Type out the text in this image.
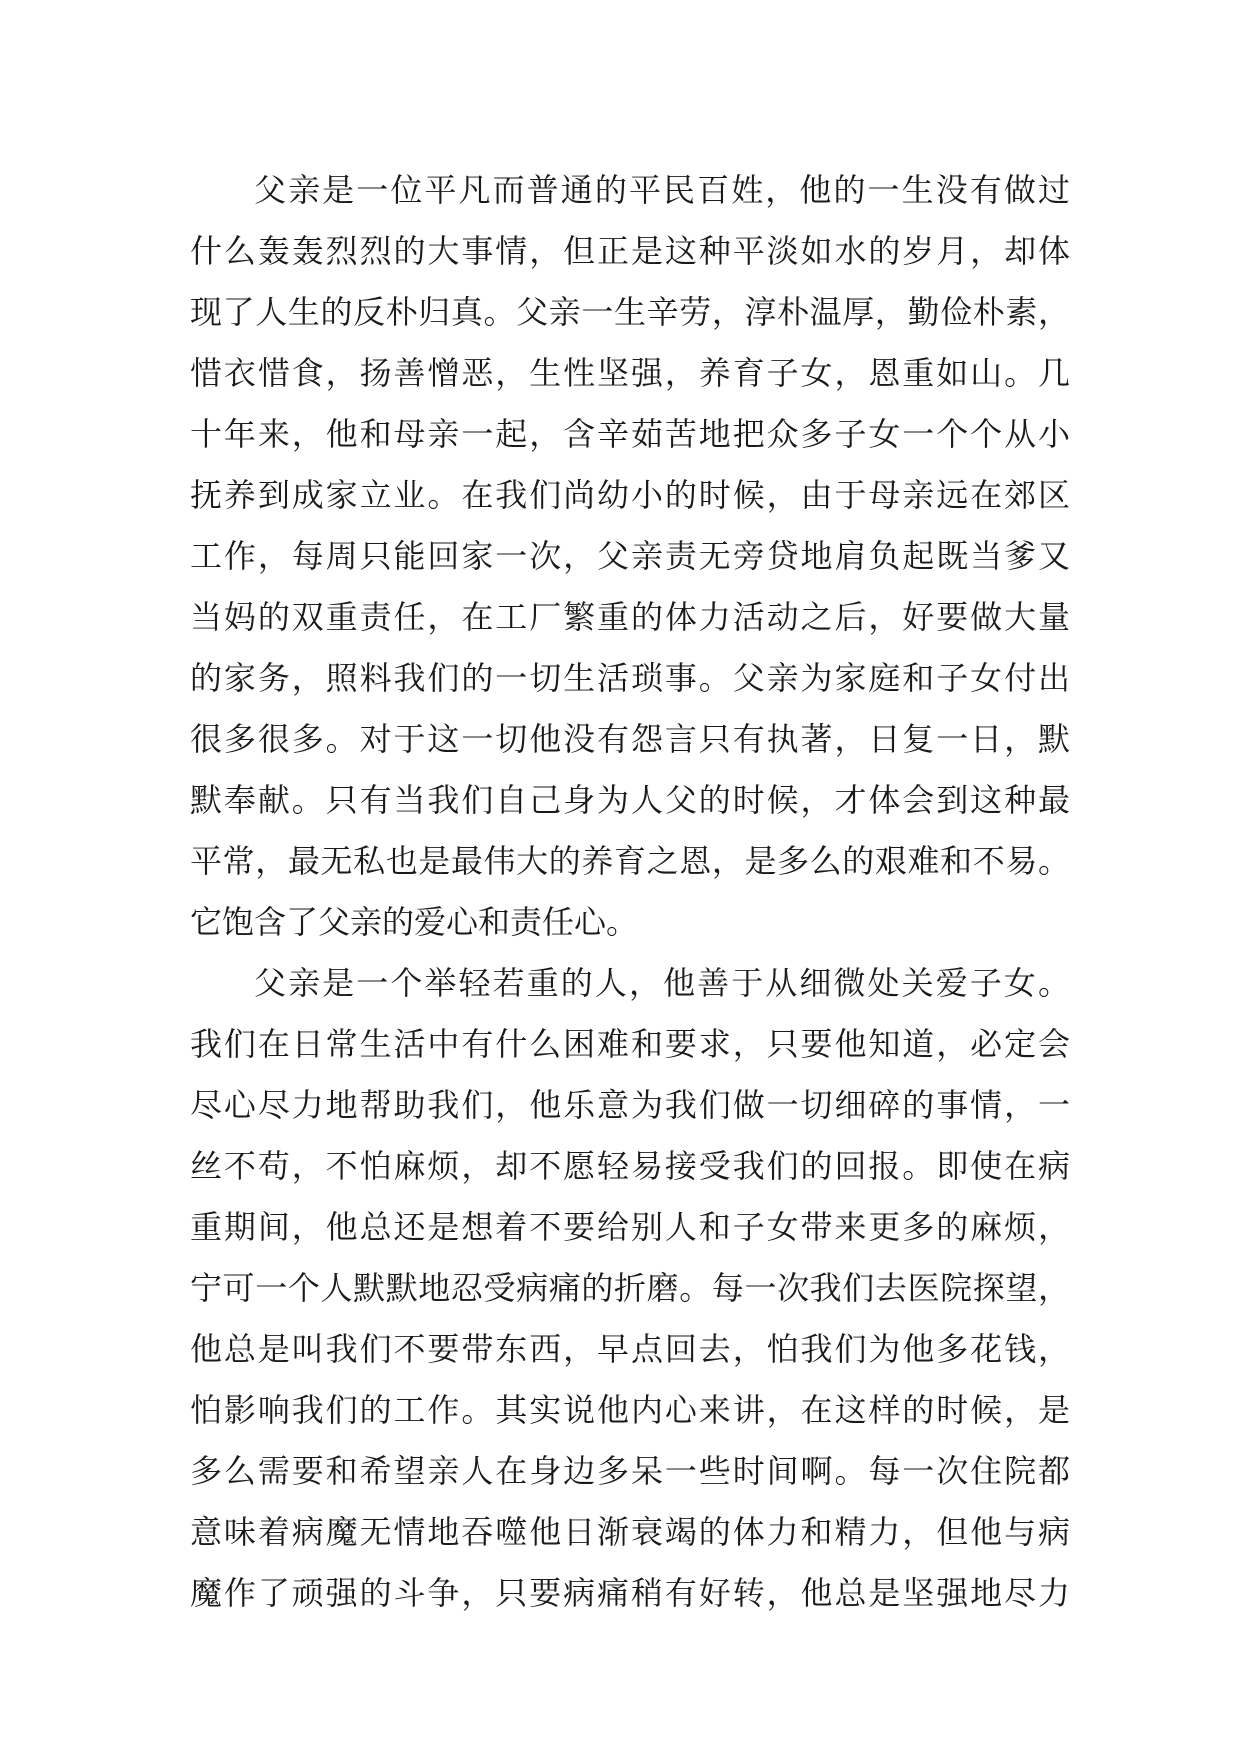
父亲是一位平凡而普通的平民百姓，他的一生没有做过
什么轰轰烈烈的大事情，但正是这种平淡如水的岁月，却体
现了人生的反朴归真。父亲一生辛劳，淳朴温厚，勤俭朴素，
惜衣惜食，扬善憎恶，生性坚强，养育子女，恩重如山。几
十年来，他和母亲一起，含辛茹苦地把众多子女一个个从小
抚养到成家立业。在我们尚幼小的时候，由于母亲远在郊区
工作，每周只能回家一次，父亲责无旁贷地肩负起既当爹又
当妈的双重责任，在工厂繁重的体力活动之后，好要做大量
的家务，照料我们的一切生活琐事。父亲为家庭和子女付出
很多很多。对于这一切他没有怨言只有执著，日复一日，默
默奉献。只有当我们自己身为人父的时候，才体会到这种最
平常，最无私也是最伟大的养育之恩，是多么的艰难和不易。
它饱含了父亲的爱心和责任心。
父亲是一个举轻若重的人，他善于从细微处关爱子女。
我们在日常生活中有什么困难和要求，只要他知道，必定会
尽心尽力地帮助我们，他乐意为我们做一切细碎的事情，一
丝不苟，不怕麻烦，却不愿轻易接受我们的回报。即使在病
重期间，他总还是想着不要给别人和子女带来更多的麻烦，
宁可一个人默默地忍受病痛的折磨。每一次我们去医院探望，
他总是叫我们不要带东西，早点回去，怕我们为他多花钱，
怕影响我们的工作。其实说他内心来讲，在这样的时候，是
多么需要和希望亲人在身边多呆一些时间啊。每一次住院都
意味着病魔无情地吞噬他日渐衰竭的体力和精力，但他与病
魔作了顽强的斗争，只要病痛稍有好转，他总是坚强地尽力
